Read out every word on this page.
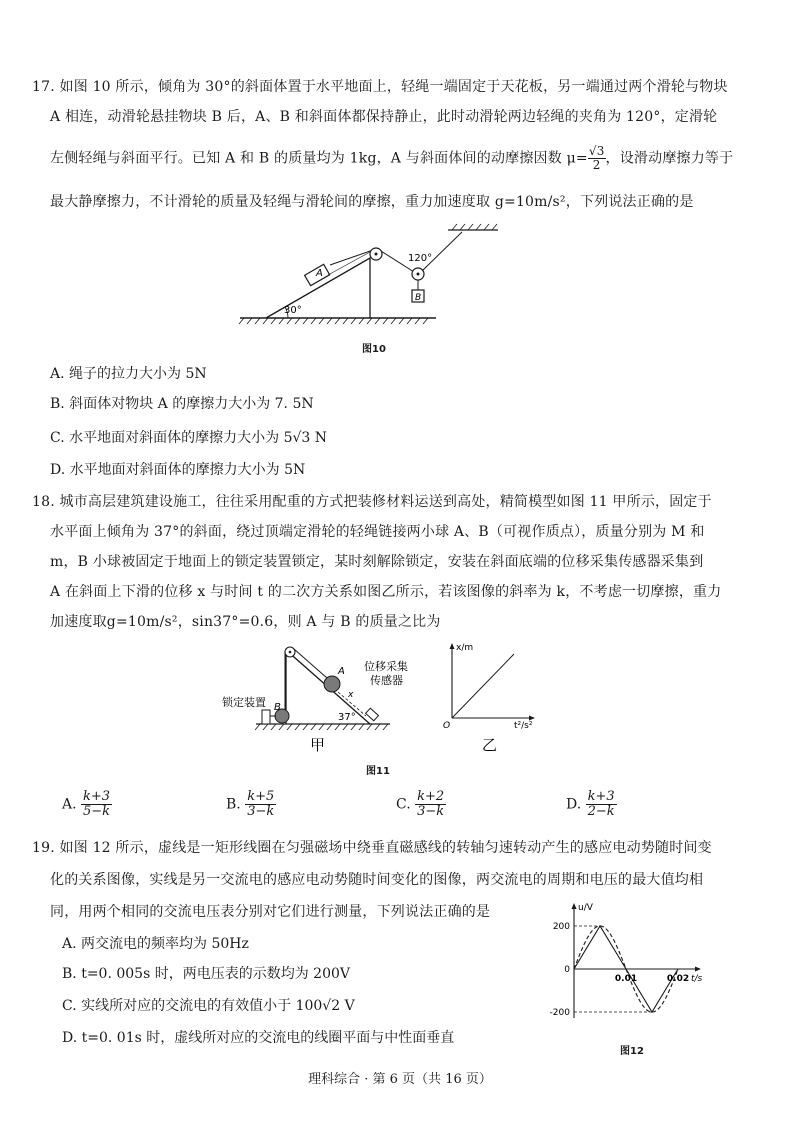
17. 如图 10 所示，倾角为 30°的斜面体置于水平地面上，轻绳一端固定于天花板，另一端通过两个滑轮与物块
A 相连，动滑轮悬挂物块 B 后，A、B 和斜面体都保持静止，此时动滑轮两边轻绳的夹角为 120°，定滑轮
左侧轻绳与斜面平行。已知 A 和 B 的质量均为 1kg，A 与斜面体间的动摩擦因数 $\mu= \frac{√3}{2}$ ，设滑动摩擦力等于
最大静摩擦力，不计滑轮的质量及轻绳与滑轮间的摩擦，重力加速度取 g=10m/s²，下列说法正确的是
30°
A
120°
B
图10
A. 绳子的拉力大小为 5N
B. 斜面体对物块 A 的摩擦力大小为 7. 5N
C. 水平地面对斜面体的摩擦力大小为 5√3 N
D. 水平地面对斜面体的摩擦力大小为 5N
18. 城市高层建筑建设施工，往往采用配重的方式把装修材料运送到高处，精简模型如图 11 甲所示，固定于
水平面上倾角为 37°的斜面，绕过顶端定滑轮的轻绳链接两小球 A、B（可视作质点），质量分别为 M 和
m，B 小球被固定于地面上的锁定装置锁定，某时刻解除锁定，安装在斜面底端的位移采集传感器采集到
A 在斜面上下滑的位移 x 与时间 t 的二次方关系如图乙所示，若该图像的斜率为 k，不考虑一切摩擦，重力
加速度取g=10m/s²，sin37°=0.6，则 A 与 B 的质量之比为
A
B
锁定装置
x
位移采集
传感器
37°
甲
x/m
t²/s²
O
乙
图11
A. $\frac{k+3}{5-k}$	B. $\frac{k+5}{3-k}$	C. $\frac{k+2}{3-k}$	D. $\frac{k+3}{2-k}$
19. 如图 12 所示，虚线是一矩形线圈在匀强磁场中绕垂直磁感线的转轴匀速转动产生的感应电动势随时间变
化的关系图像，实线是另一交流电的感应电动势随时间变化的图像，两交流电的周期和电压的最大值均相
同，用两个相同的交流电压表分别对它们进行测量，下列说法正确的是
A. 两交流电的频率均为 50Hz
B. t=0. 005s 时，两电压表的示数均为 200V
C. 实线所对应的交流电的有效值小于 100√2 V
D. t=0. 01s 时，虚线所对应的交流电的线圈平面与中性面垂直
u/V
t/s
200
0
-200
0.01	0.02
图12
理科综合 · 第 6 页（共 16 页）
